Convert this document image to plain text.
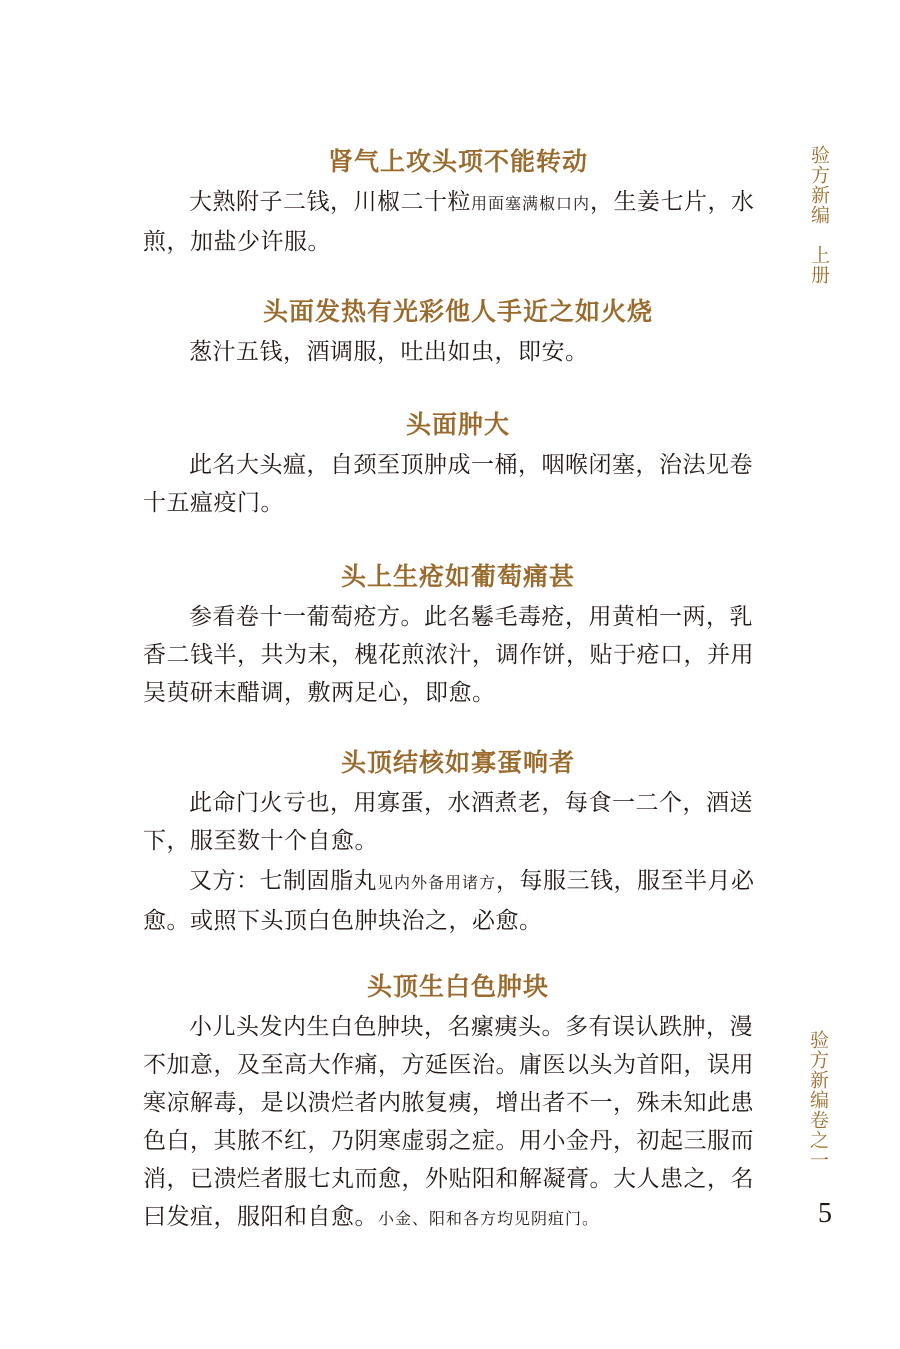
验方新编上册
肾气上攻头项不能转动

大熟附子二钱，川椒二十粒用面塞满椒口内，生姜七片，水煎，加盐少许服。

头面发热有光彩他人手近之如火烧

葱汁五钱，酒调服，吐出如虫，即安。

头面肿大

此名大头瘟，自颈至顶肿成一桶，咽喉闭塞，治法见卷十五瘟疫门。

头上生疮如葡萄痛甚

参看卷十一葡萄疮方。此名鬈毛毒疮，用黄柏一两，乳香二钱半，共为末，槐花煎浓汁，调作饼，贴于疮口，并用吴萸研末醋调，敷两足心，即愈。

头顶结核如寡蛋响者

此命门火亏也，用寡蛋，水酒煮老，每食一二个，酒送下，服至数十个自愈。

又方：七制固脂丸见内外备用诸方，每服三钱，服至半月必愈。或照下头顶白色肿块治之，必愈。

头顶生白色肿块

小儿头发内生白色肿块，名瘰痍头。多有误认跌肿，漫不加意，及至高大作痛，方延医治。庸医以头为首阳，误用寒凉解毒，是以溃烂者内脓复痍，增出者不一，殊未知此患色白，其脓不红，乃阴寒虚弱之症。用小金丹，初起三服而消，已溃烂者服七丸而愈，外贴阳和解凝膏。大人患之，名曰发疽，服阳和自愈。小金、阳和各方均见阴疽门。

验方新编卷之一
5
